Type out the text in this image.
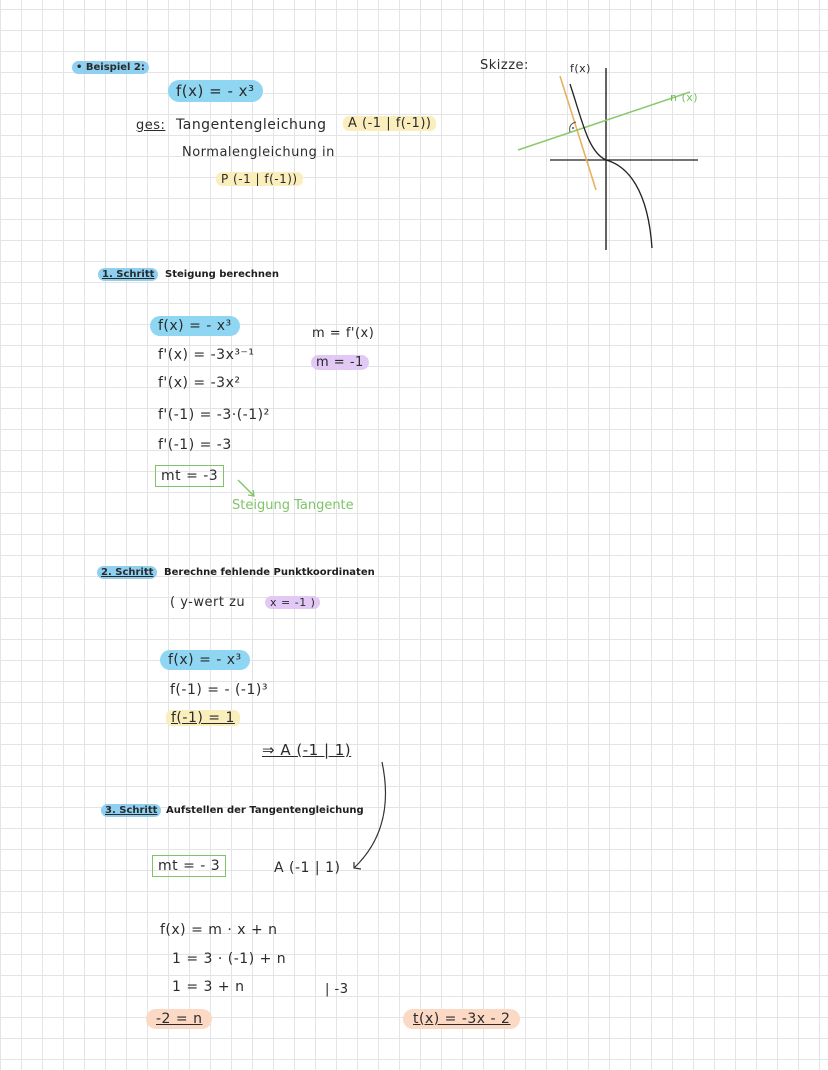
• Beispiel 2:
f(x) = - x³
ges: Tangentengleichung	A (-1 | f(-1))
Normalengleichung in
P (-1 | f(-1))
Skizze:	f(x)
n (x)
1. Schritt	Steigung berechnen
f(x) = - x³
f'(x) = -3x³⁻¹
f'(x) = -3x²
f'(-1) = -3·(-1)²
f'(-1) = -3
mt = -3
m = f'(x)
m = -1
Steigung Tangente
2. Schritt	Berechne fehlende Punktkoordinaten
( y-wert zu	x = -1 )
f(x) = - x³
f(-1) = - (-1)³
f(-1) = 1
⇒ A (-1 | 1)
3. Schritt Aufstellen der Tangentengleichung
mt = - 3	A (-1 | 1)
f(x) = m · x + n
1 = 3 · (-1) + n
1 = 3 + n	| -3
-2 = n	t(x) = -3x - 2
